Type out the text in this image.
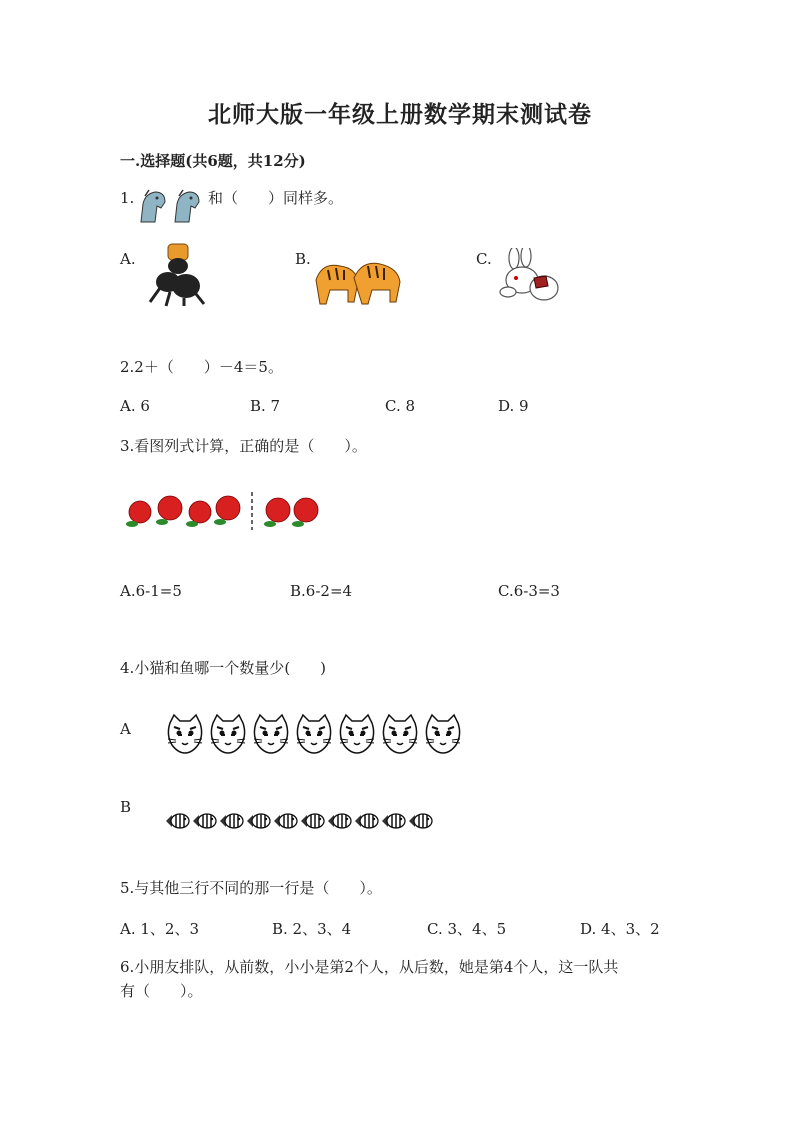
北师大版一年级上册数学期末测试卷
一.选择题(共6题，共12分)
1.	和（　　）同样多。
A.	B.	C.
2.2＋（　　）－4＝5。
A. 6	B. 7	C. 8	D. 9
3.看图列式计算，正确的是（　　）。
A.6-1=5	B.6-2=4	C.6-3=3
4.小猫和鱼哪一个数量少(　　)
A
B
5.与其他三行不同的那一行是（　　）。
A. 1、2、3	B. 2、3、4	C. 3、4、5	D. 4、3、2
6.小朋友排队，从前数，小小是第2个人，从后数，她是第4个人，这一队共
有（　　）。
